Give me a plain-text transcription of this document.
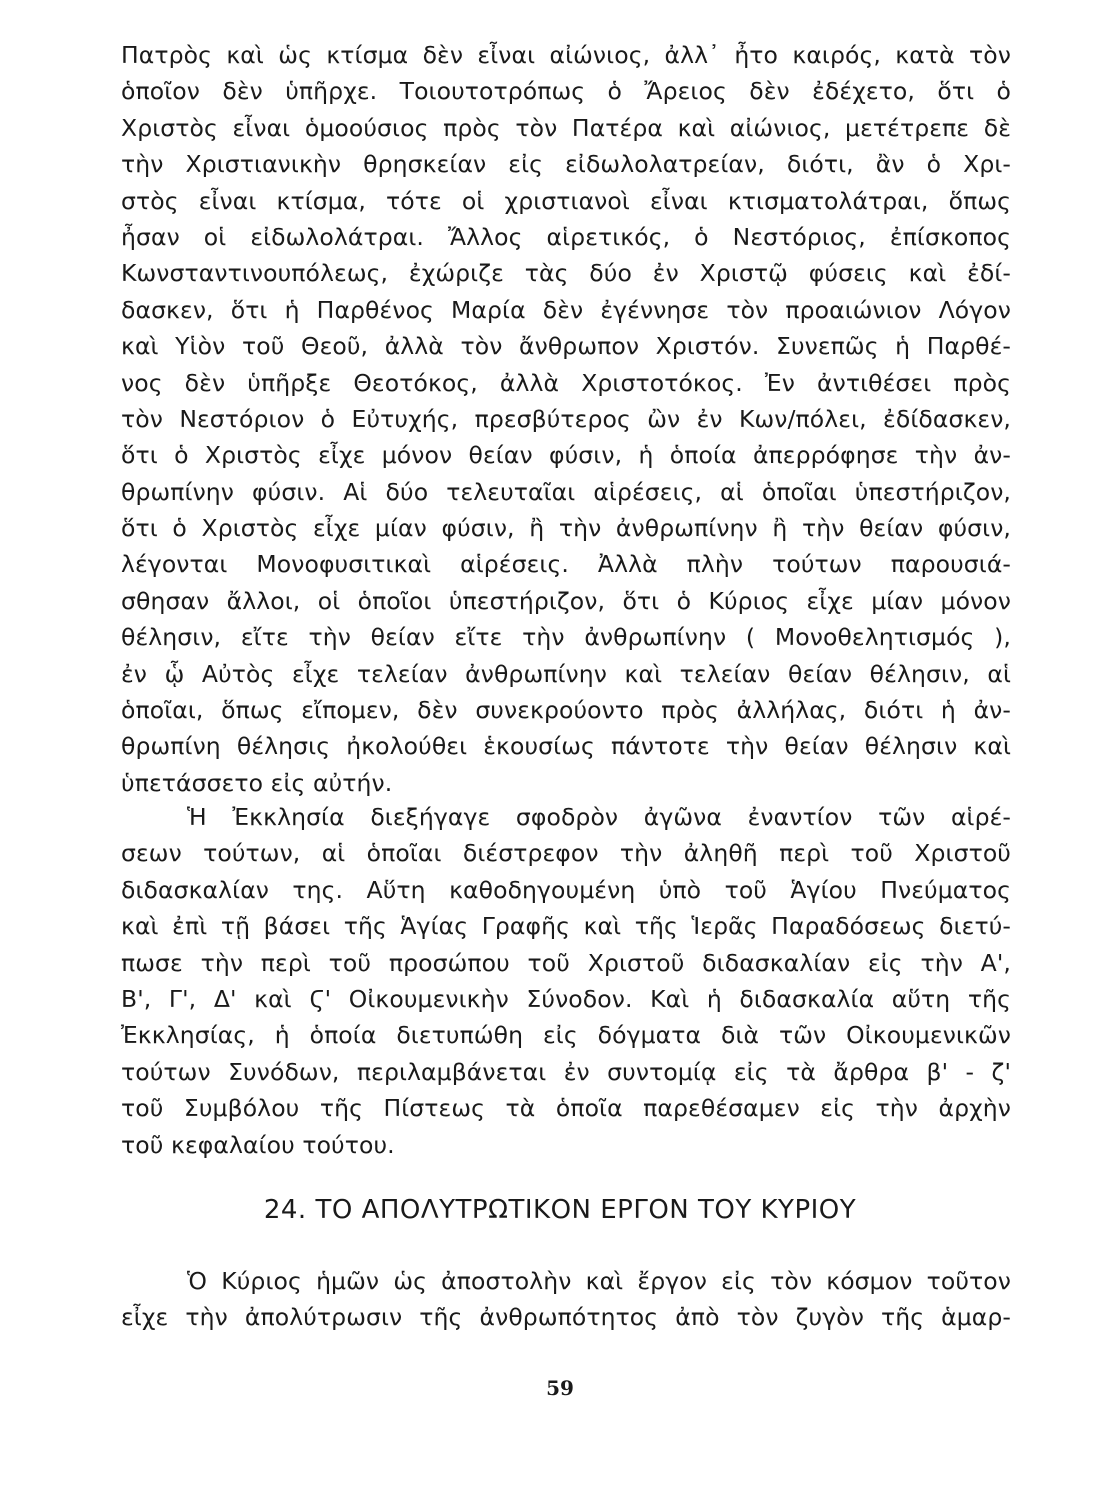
Πατρὸς καὶ ὡς κτίσμα δὲν εἶναι αἰώνιος, ἀλλ᾽ ἦτο καιρός, κατὰ τὸν
ὁποῖον δὲν ὑπῆρχε. Τοιουτοτρόπως ὁ Ἄρειος δὲν ἐδέχετο, ὅτι ὁ
Χριστὸς εἶναι ὁμοούσιος πρὸς τὸν Πατέρα καὶ αἰώνιος, μετέτρεπε δὲ
τὴν Χριστιανικὴν θρησκείαν εἰς εἰδωλολατρείαν, διότι, ἂν ὁ Χρι-
στὸς εἶναι κτίσμα, τότε οἱ χριστιανοὶ εἶναι κτισματολάτραι, ὅπως
ἦσαν οἱ εἰδωλολάτραι. Ἄλλος αἱρετικός, ὁ Νεστόριος, ἐπίσκοπος
Κωνσταντινουπόλεως, ἐχώριζε τὰς δύο ἐν Χριστῷ φύσεις καὶ ἐδί-
δασκεν, ὅτι ἡ Παρθένος Μαρία δὲν ἐγέννησε τὸν προαιώνιον Λόγον
καὶ Υἱὸν τοῦ Θεοῦ, ἀλλὰ τὸν ἄνθρωπον Χριστόν. Συνεπῶς ἡ Παρθέ-
νος δὲν ὑπῆρξε Θεοτόκος, ἀλλὰ Χριστοτόκος. Ἐν ἀντιθέσει πρὸς
τὸν Νεστόριον ὁ Εὐτυχής, πρεσβύτερος ὢν ἐν Κων/πόλει, ἐδίδασκεν,
ὅτι ὁ Χριστὸς εἶχε μόνον θείαν φύσιν, ἡ ὁποία ἀπερρόφησε τὴν ἀν-
θρωπίνην φύσιν. Αἱ δύο τελευταῖαι αἱρέσεις, αἱ ὁποῖαι ὑπεστήριζον,
ὅτι ὁ Χριστὸς εἶχε μίαν φύσιν, ἢ τὴν ἀνθρωπίνην ἢ τὴν θείαν φύσιν,
λέγονται Μονοφυσιτικαὶ αἱρέσεις. Ἀλλὰ πλὴν τούτων παρουσιά-
σθησαν ἄλλοι, οἱ ὁποῖοι ὑπεστήριζον, ὅτι ὁ Κύριος εἶχε μίαν μόνον
θέλησιν, εἴτε τὴν θείαν εἴτε τὴν ἀνθρωπίνην ( Μονοθελητισμός ),
ἐν ᾧ Αὐτὸς εἶχε τελείαν ἀνθρωπίνην καὶ τελείαν θείαν θέλησιν, αἱ
ὁποῖαι, ὅπως εἴπομεν, δὲν συνεκρούοντο πρὸς ἀλλήλας, διότι ἡ ἀν-
θρωπίνη θέλησις ἠκολούθει ἑκουσίως πάντοτε τὴν θείαν θέλησιν καὶ
ὑπετάσσετο εἰς αὐτήν.
Ἡ Ἐκκλησία διεξήγαγε σφοδρὸν ἀγῶνα ἐναντίον τῶν αἱρέ-
σεων τούτων, αἱ ὁποῖαι διέστρεφον τὴν ἀληθῆ περὶ τοῦ Χριστοῦ
διδασκαλίαν της. Αὕτη καθοδηγουμένη ὑπὸ τοῦ Ἁγίου Πνεύματος
καὶ ἐπὶ τῇ βάσει τῆς Ἁγίας Γραφῆς καὶ τῆς Ἱερᾶς Παραδόσεως διετύ-
πωσε τὴν περὶ τοῦ προσώπου τοῦ Χριστοῦ διδασκαλίαν εἰς τὴν Α',
Β', Γ', Δ' καὶ Ϛ' Οἰκουμενικὴν Σύνοδον. Καὶ ἡ διδασκαλία αὕτη τῆς
Ἐκκλησίας, ἡ ὁποία διετυπώθη εἰς δόγματα διὰ τῶν Οἰκουμενικῶν
τούτων Συνόδων, περιλαμβάνεται ἐν συντομίᾳ εἰς τὰ ἄρθρα β' - ζ'
τοῦ Συμβόλου τῆς Πίστεως τὰ ὁποῖα παρεθέσαμεν εἰς τὴν ἀρχὴν
τοῦ κεφαλαίου τούτου.
24. ΤΟ ΑΠΟΛΥΤΡΩΤΙΚΟΝ ΕΡΓΟΝ ΤΟΥ ΚΥΡΙΟΥ
Ὁ Κύριος ἡμῶν ὡς ἀποστολὴν καὶ ἔργον εἰς τὸν κόσμον τοῦτον
εἶχε τὴν ἀπολύτρωσιν τῆς ἀνθρωπότητος ἀπὸ τὸν ζυγὸν τῆς ἁμαρ-
59
